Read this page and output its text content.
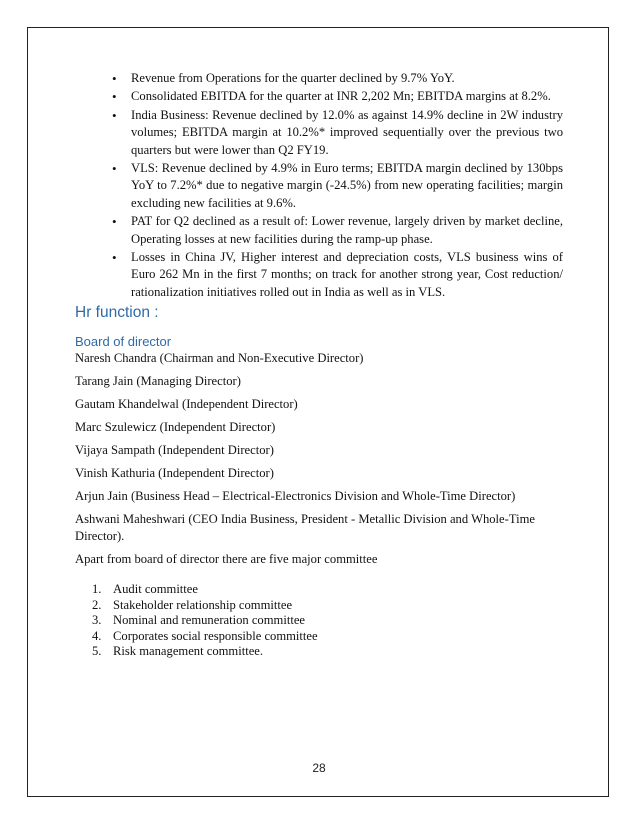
• Revenue from Operations for the quarter declined by 9.7% YoY.
• Consolidated EBITDA for the quarter at INR 2,202 Mn; EBITDA margins at 8.2%.
• India Business: Revenue declined by 12.0% as against 14.9% decline in 2W industry volumes; EBITDA margin at 10.2%* improved sequentially over the previous two quarters but were lower than Q2 FY19.
• VLS: Revenue declined by 4.9% in Euro terms; EBITDA margin declined by 130bps YoY to 7.2%* due to negative margin (-24.5%) from new operating facilities; margin excluding new facilities at 9.6%.
• PAT for Q2 declined as a result of: Lower revenue, largely driven by market decline, Operating losses at new facilities during the ramp-up phase.
• Losses in China JV, Higher interest and depreciation costs, VLS business wins of Euro 262 Mn in the first 7 months; on track for another strong year, Cost reduction/ rationalization initiatives rolled out in India as well as in VLS.
Hr function :
Board of director

Naresh Chandra (Chairman and Non-Executive Director)

Tarang Jain (Managing Director)

Gautam Khandelwal (Independent Director)

Marc Szulewicz (Independent Director)

Vijaya Sampath (Independent Director)

Vinish Kathuria (Independent Director)

Arjun Jain (Business Head – Electrical-Electronics Division and Whole-Time Director)

Ashwani Maheshwari (CEO India Business, President - Metallic Division and Whole-Time Director).

Apart from board of director there are five major committee

1. Audit committee
2. Stakeholder relationship committee
3. Nominal and remuneration committee
4. Corporates social responsible committee
5. Risk management committee.
28
